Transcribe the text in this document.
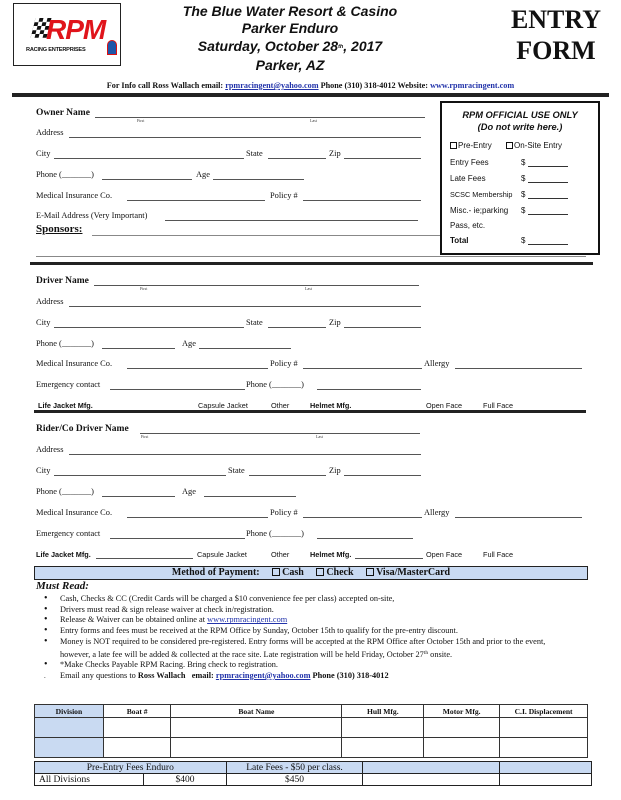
RPM
RACING ENTERPRISES
The Blue Water Resort & Casino
Parker Enduro
Saturday, October 28th, 2017
Parker, AZ
ENTRY
FORM
For Info call Ross Wallach email: rpmracingent@yahoo.com Phone (310) 318-4012 Website: www.rpmracingent.com
Owner Name
First	Last
Address
City	State	Zip
Phone (_______)	Age
Medical Insurance Co.	Policy #
E-Mail Address (Very Important)
Sponsors:
RPM OFFICIAL USE ONLY
(Do not write here.)
Pre-Entry	On-Site Entry
Entry Fees	$
Late Fees	$
SCSC Membership $
Misc.- ie;parking $
Pass, etc.
Total	$
Driver Name
First	Last
Address
City	State	Zip
Phone (_______)	Age
Medical Insurance Co.	Policy #	Allergy
Emergency contact	Phone (_______)
Life Jacket Mfg.	Capsule Jacket	Other	Helmet Mfg.	Open Face	Full Face
Rider/Co Driver Name
First	Last
Address
City	State	Zip
Phone (_______)	Age
Medical Insurance Co.	Policy #	Allergy
Emergency contact	Phone (_______)
Life Jacket Mfg.	Capsule Jacket	Other	Helmet Mfg.	Open Face	Full Face
Method of Payment: Cash Check Visa/MasterCard
Must Read:
• Cash, Checks & CC (Credit Cards will be charged a $10 convenience fee per class) accepted on-site,
• Drivers must read & sign release waiver at check in/registration.
• Release & Waiver can be obtained online at www.rpmracingent.com
• Entry forms and fees must be received at the RPM Office by Sunday, October 15th to qualify for the pre-entry discount.
• Money is NOT required to be considered pre-registered. Entry forms will be accepted at the RPM Office after October 15th and prior to the event, however, a late fee will be added & collected at the race site. Late registration will be held Friday, October 27th onsite.
• *Make Checks Payable RPM Racing. Bring check to registration.
. Email any questions to Ross Wallach   email: rpmracingent@yahoo.com Phone (310) 318-4012
Division	Boat #	Boat Name	Hull Mfg.	Motor Mfg.	C.I. Displacement

Pre-Entry Fees Enduro		Late Fees - $50 per class.		
All Divisions	$400	$450		
